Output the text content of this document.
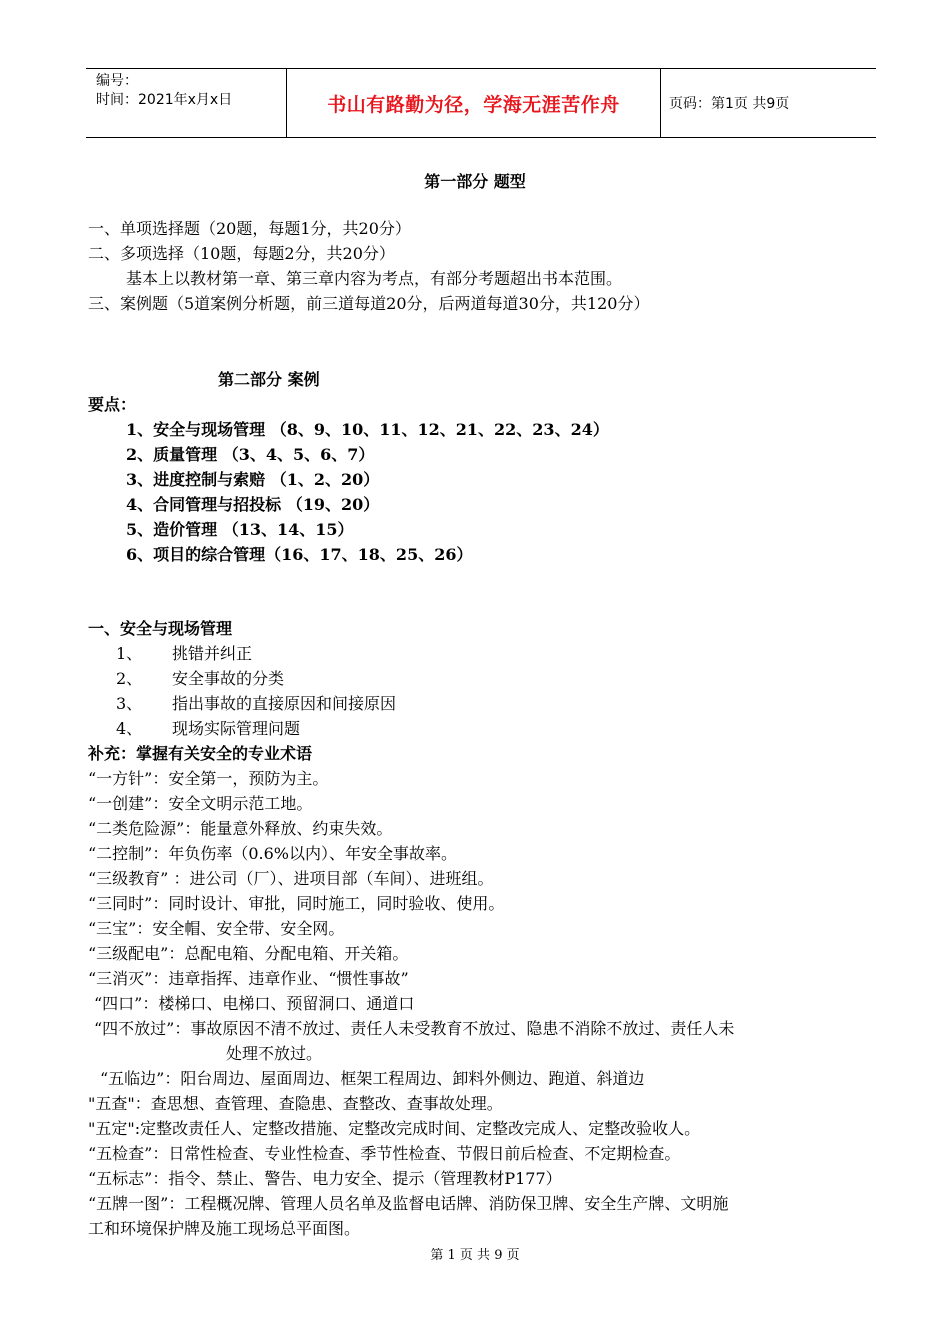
编号：
时间：2021年x月x日	书山有路勤为径，学海无涯苦作舟	页码：第1页 共9页
第一部分 题型
一、单项选择题（20题，每题1分，共20分）
二、多项选择（10题，每题2分，共20分）
基本上以教材第一章、第三章内容为考点，有部分考题超出书本范围。
三、案例题（5道案例分析题，前三道每道20分，后两道每道30分，共120分）
第二部分 案例
要点：
1、安全与现场管理 （8、9、10、11、12、21、22、23、24）
2、质量管理 （3、4、5、6、7）
3、进度控制与索赔 （1、2、20）
4、合同管理与招投标 （19、20）
5、造价管理 （13、14、15）
6、项目的综合管理（16、17、18、25、26）
一、安全与现场管理
1、 挑错并纠正
2、 安全事故的分类
3、 指出事故的直接原因和间接原因
4、 现场实际管理问题
补充：掌握有关安全的专业术语
“一方针”：安全第一，预防为主。
“一创建”：安全文明示范工地。
“二类危险源”：能量意外释放、约束失效。
“二控制”：年负伤率（0.6%以内）、年安全事故率。
“三级教育” ：进公司（厂）、进项目部（车间）、进班组。
“三同时”：同时设计、审批，同时施工，同时验收、使用。
“三宝”：安全帽、安全带、安全网。
“三级配电”：总配电箱、分配电箱、开关箱。
“三消灭”：违章指挥、违章作业、“惯性事故”
“四口”：楼梯口、电梯口、预留洞口、通道口
“四不放过”：事故原因不清不放过、责任人未受教育不放过、隐患不消除不放过、责任人未
处理不放过。
“五临边”：阳台周边、屋面周边、框架工程周边、卸料外侧边、跑道、斜道边
"五查"：查思想、查管理、查隐患、查整改、查事故处理。
"五定":定整改责任人、定整改措施、定整改完成时间、定整改完成人、定整改验收人。
“五检查”：日常性检查、专业性检查、季节性检查、节假日前后检查、不定期检查。
“五标志”：指令、禁止、警告、电力安全、提示（管理教材P177）
“五牌一图”：工程概况牌、管理人员名单及监督电话牌、消防保卫牌、安全生产牌、文明施
工和环境保护牌及施工现场总平面图。
第 1 页 共 9 页
